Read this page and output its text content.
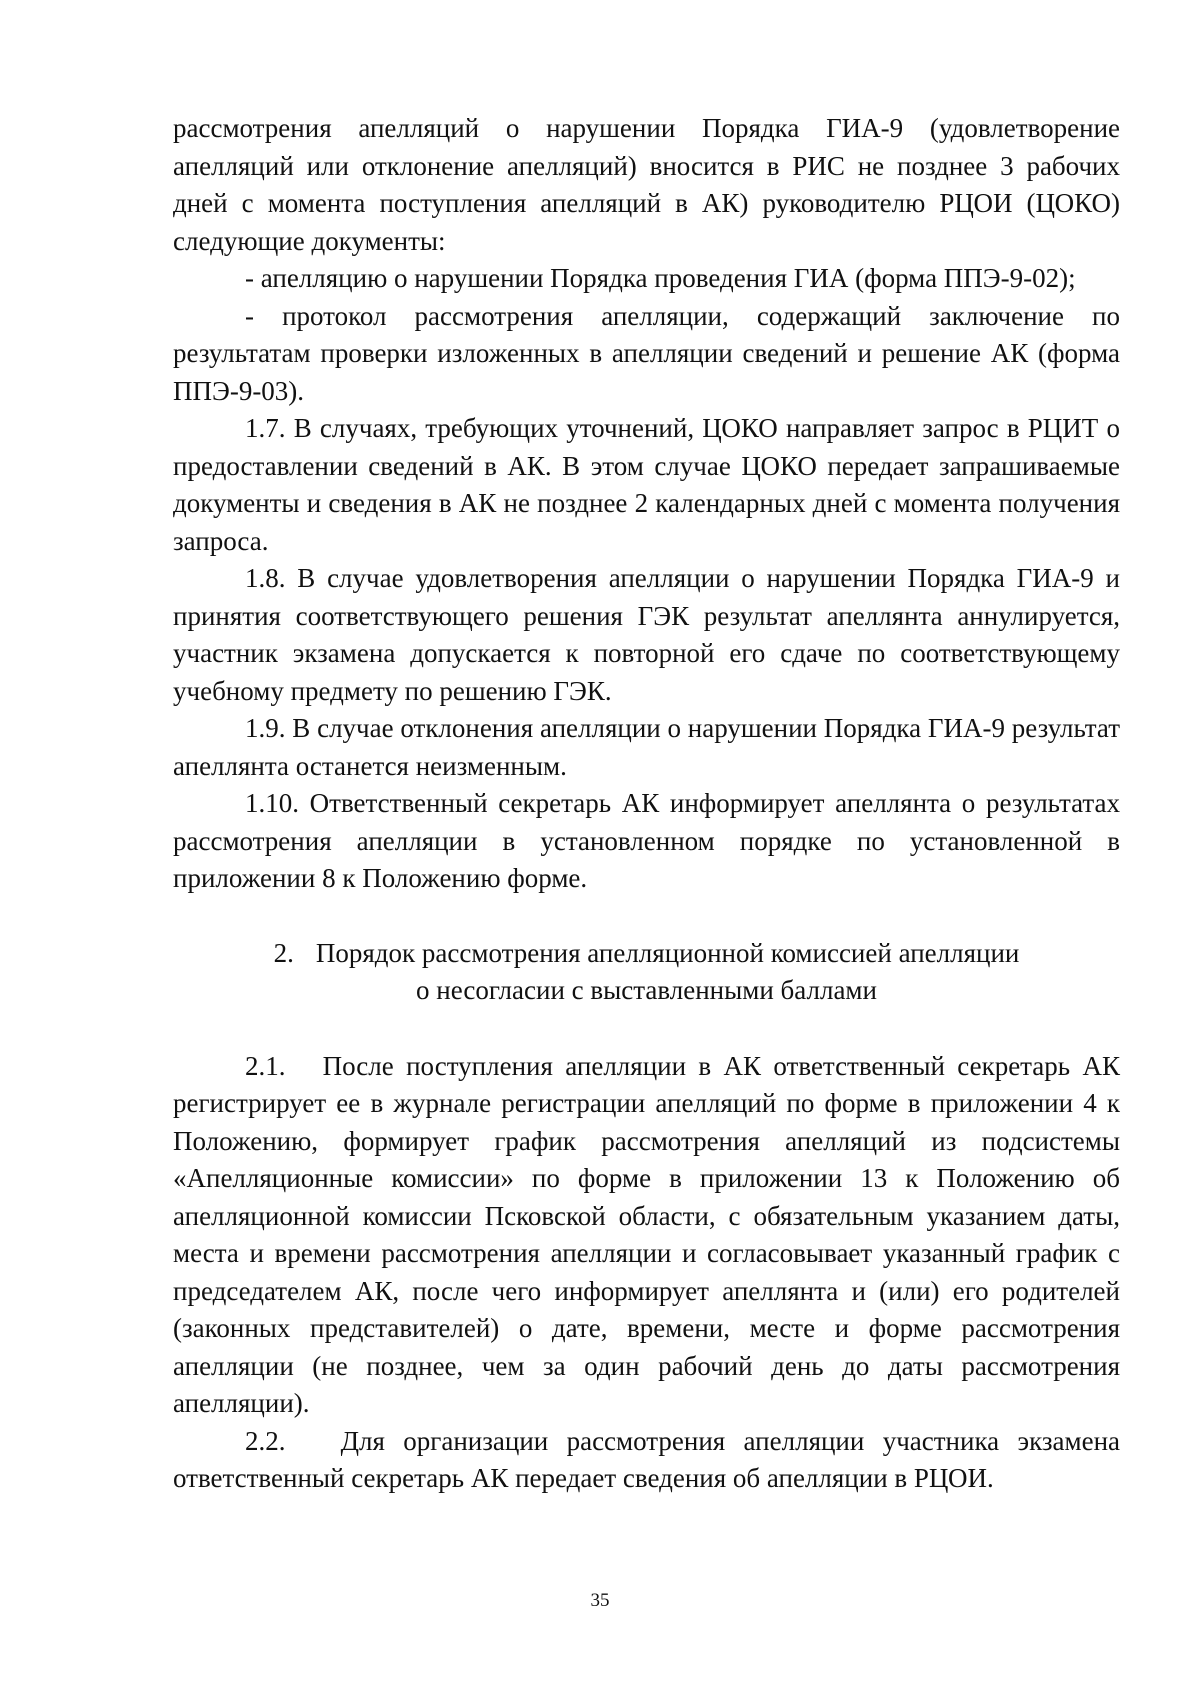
рассмотрения апелляций о нарушении Порядка ГИА-9 (удовлетворение апелляций или отклонение апелляций) вносится в РИС не позднее 3 рабочих дней с момента поступления апелляций в АК) руководителю РЦОИ (ЦОКО) следующие документы:

- апелляцию о нарушении Порядка проведения ГИА (форма ППЭ-9-02);

- протокол рассмотрения апелляции, содержащий заключение по результатам проверки изложенных в апелляции сведений и решение АК (форма ППЭ-9-03).

1.7. В случаях, требующих уточнений, ЦОКО направляет запрос в РЦИТ о предоставлении сведений в АК. В этом случае ЦОКО передает запрашиваемые документы и сведения в АК не позднее 2 календарных дней с момента получения запроса.

1.8. В случае удовлетворения апелляции о нарушении Порядка ГИА-9 и принятия соответствующего решения ГЭК результат апеллянта аннулируется, участник экзамена допускается к повторной его сдаче по соответствующему учебному предмету по решению ГЭК.

1.9. В случае отклонения апелляции о нарушении Порядка ГИА-9 результат апеллянта останется неизменным.

1.10. Ответственный секретарь АК информирует апеллянта о результатах рассмотрения апелляции в установленном порядке по установленной в приложении 8 к Положению форме.

2. Порядок рассмотрения апелляционной комиссией апелляции
о несогласии с выставленными баллами

2.1.   После поступления апелляции в АК ответственный секретарь АК регистрирует ее в журнале регистрации апелляций по форме в приложении 4 к Положению, формирует график рассмотрения апелляций из подсистемы «Апелляционные комиссии» по форме в приложении 13 к Положению об апелляционной комиссии Псковской области, с обязательным указанием даты, места и времени рассмотрения апелляции и согласовывает указанный график с председателем АК, после чего информирует апеллянта и (или) его родителей (законных представителей) о дате, времени, месте и форме рассмотрения апелляции (не позднее, чем за один рабочий день до даты рассмотрения апелляции).

2.2.   Для организации рассмотрения апелляции участника экзамена ответственный секретарь АК передает сведения об апелляции в РЦОИ.

35
